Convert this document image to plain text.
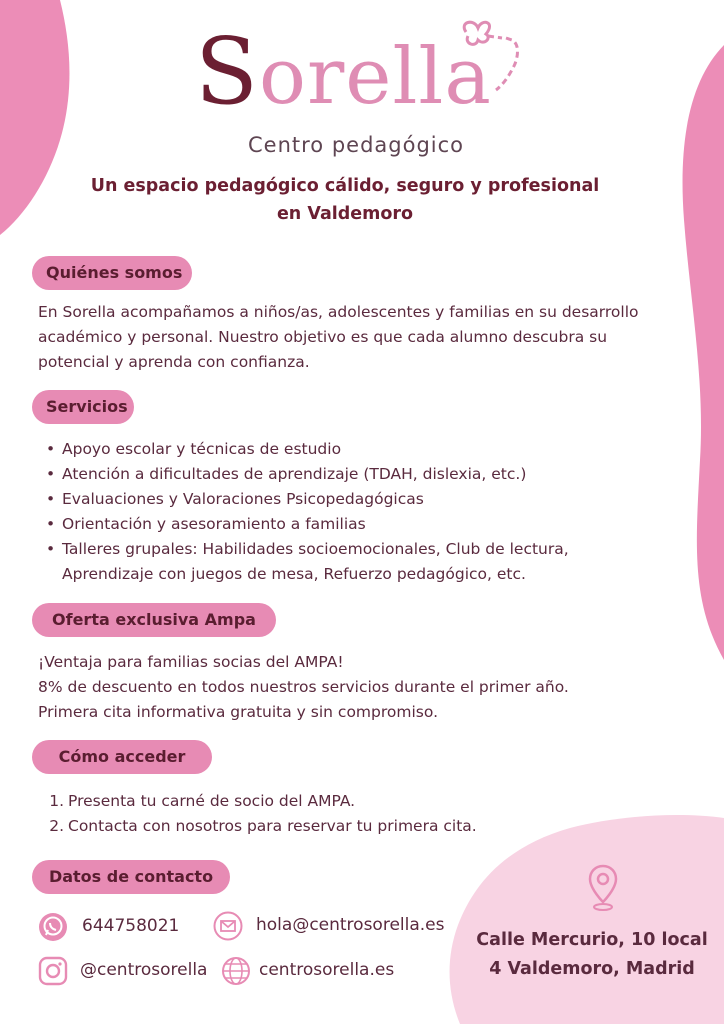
Sorella
Centro pedagógico
Un espacio pedagógico cálido, seguro y profesional en Valdemoro
Quiénes somos
En Sorella acompañamos a niños/as, adolescentes y familias en su desarrollo académico y personal. Nuestro objetivo es que cada alumno descubra su potencial y aprenda con confianza.
Servicios
• Apoyo escolar y técnicas de estudio
• Atención a dificultades de aprendizaje (TDAH, dislexia, etc.)
• Evaluaciones y Valoraciones Psicopedagógicas
• Orientación y asesoramiento a familias
• Talleres grupales: Habilidades socioemocionales, Club de lectura, Aprendizaje con juegos de mesa, Refuerzo pedagógico, etc.
Oferta exclusiva Ampa
¡Ventaja para familias socias del AMPA!
8% de descuento en todos nuestros servicios durante el primer año.
Primera cita informativa gratuita y sin compromiso.
Cómo acceder
1. Presenta tu carné de socio del AMPA.
2. Contacta con nosotros para reservar tu primera cita.
Datos de contacto
644758021	hola@centrosorella.es
@centrosorella	centrosorella.es
Calle Mercurio, 10 local 4 Valdemoro, Madrid
